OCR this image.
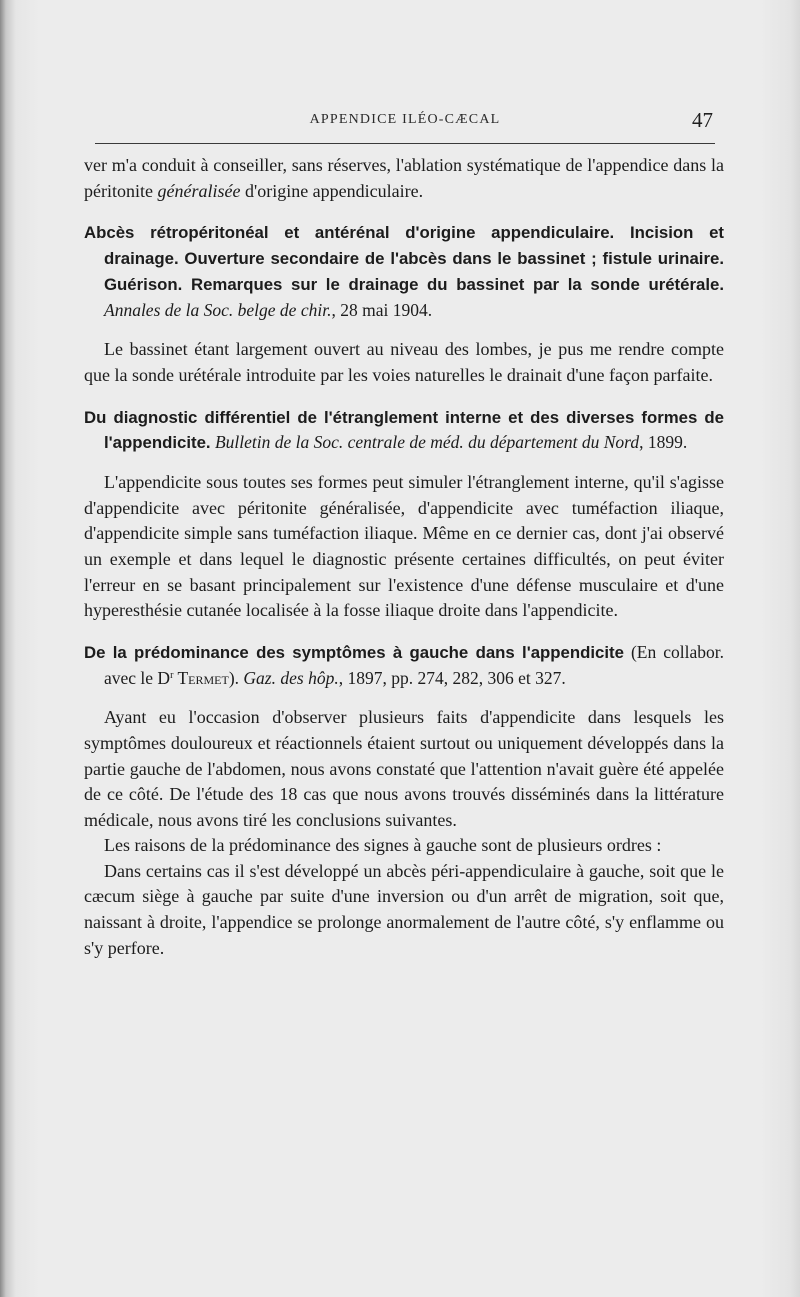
APPENDICE ILÉO-CÆCAL	47

ver m'a conduit à conseiller, sans réserves, l'ablation systématique de l'appendice dans la péritonite généralisée d'origine appendiculaire.

Abcès rétropéritonéal et antérénal d'origine appendiculaire. Incision et drainage. Ouverture secondaire de l'abcès dans le bassinet ; fistule urinaire. Guérison. Remarques sur le drainage du bassinet par la sonde urétérale. Annales de la Soc. belge de chir., 28 mai 1904.

Le bassinet étant largement ouvert au niveau des lombes, je pus me rendre compte que la sonde urétérale introduite par les voies naturelles le drainait d'une façon parfaite.

Du diagnostic différentiel de l'étranglement interne et des diverses formes de l'appendicite. Bulletin de la Soc. centrale de méd. du département du Nord, 1899.

L'appendicite sous toutes ses formes peut simuler l'étranglement interne, qu'il s'agisse d'appendicite avec péritonite généralisée, d'appendicite avec tuméfaction iliaque, d'appendicite simple sans tuméfaction iliaque. Même en ce dernier cas, dont j'ai observé un exemple et dans lequel le diagnostic présente certaines difficultés, on peut éviter l'erreur en se basant principalement sur l'existence d'une défense musculaire et d'une hyperesthésie cutanée localisée à la fosse iliaque droite dans l'appendicite.

De la prédominance des symptômes à gauche dans l'appendicite (En collabor. avec le $D^r$ Termet). Gaz. des hôp., 1897, pp. 274, 282, 306 et 327.

Ayant eu l'occasion d'observer plusieurs faits d'appendicite dans lesquels les symptômes douloureux et réactionnels étaient surtout ou uniquement développés dans la partie gauche de l'abdomen, nous avons constaté que l'attention n'avait guère été appelée de ce côté. De l'étude des 18 cas que nous avons trouvés disséminés dans la littérature médicale, nous avons tiré les conclusions suivantes.

Les raisons de la prédominance des signes à gauche sont de plusieurs ordres :

Dans certains cas il s'est développé un abcès péri-appendiculaire à gauche, soit que le cæcum siège à gauche par suite d'une inversion ou d'un arrêt de migration, soit que, naissant à droite, l'appendice se prolonge anormalement de l'autre côté, s'y enflamme ou s'y perfore.
